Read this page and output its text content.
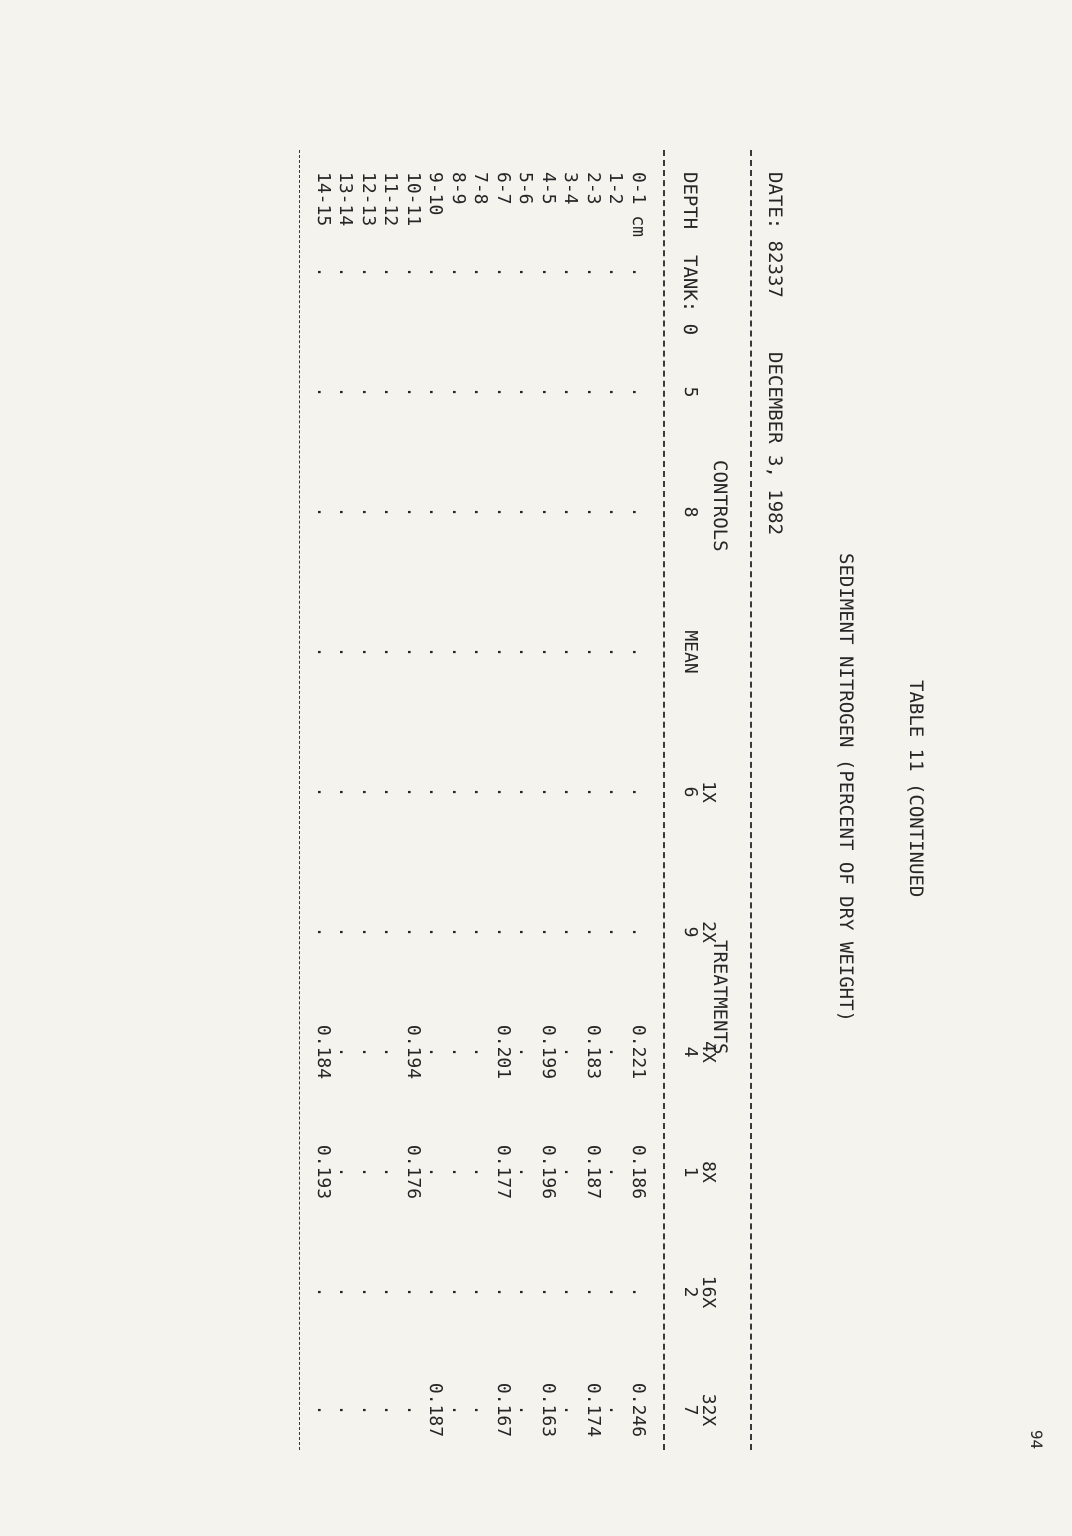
94
TABLE 11 (CONTINUED
SEDIMENT NITROGEN (PERCENT OF DRY WEIGHT)
DATE: 82337
DECEMBER 3, 1982
CONTROLS
TREATMENTS
DEPTH
TANK: 0
5
8
MEAN
1X
6
2X
9
4X
4
8X
1
16X
2
32X
7
0-1 cm
.
.
.
.
.
.
0.221
0.186
.
0.246
1-2
.
.
.
.
.
.
.
.
.
.
2-3
.
.
.
.
.
.
0.183
0.187
.
0.174
3-4
.
.
.
.
.
.
.
.
.
.
4-5
.
.
.
.
.
.
0.199
0.196
.
0.163
5-6
.
.
.
.
.
.
.
.
.
.
6-7
.
.
.
.
.
.
0.201
0.177
.
0.167
7-8
.
.
.
.
.
.
.
.
.
.
8-9
.
.
.
.
.
.
.
.
.
.
9-10
.
.
.
.
.
.
.
.
.
0.187
10-11
.
.
.
.
.
.
0.194
0.176
.
.
11-12
.
.
.
.
.
.
.
.
.
.
12-13
.
.
.
.
.
.
.
.
.
.
13-14
.
.
.
.
.
.
.
.
.
.
14-15
.
.
.
.
.
.
0.184
0.193
.
.
